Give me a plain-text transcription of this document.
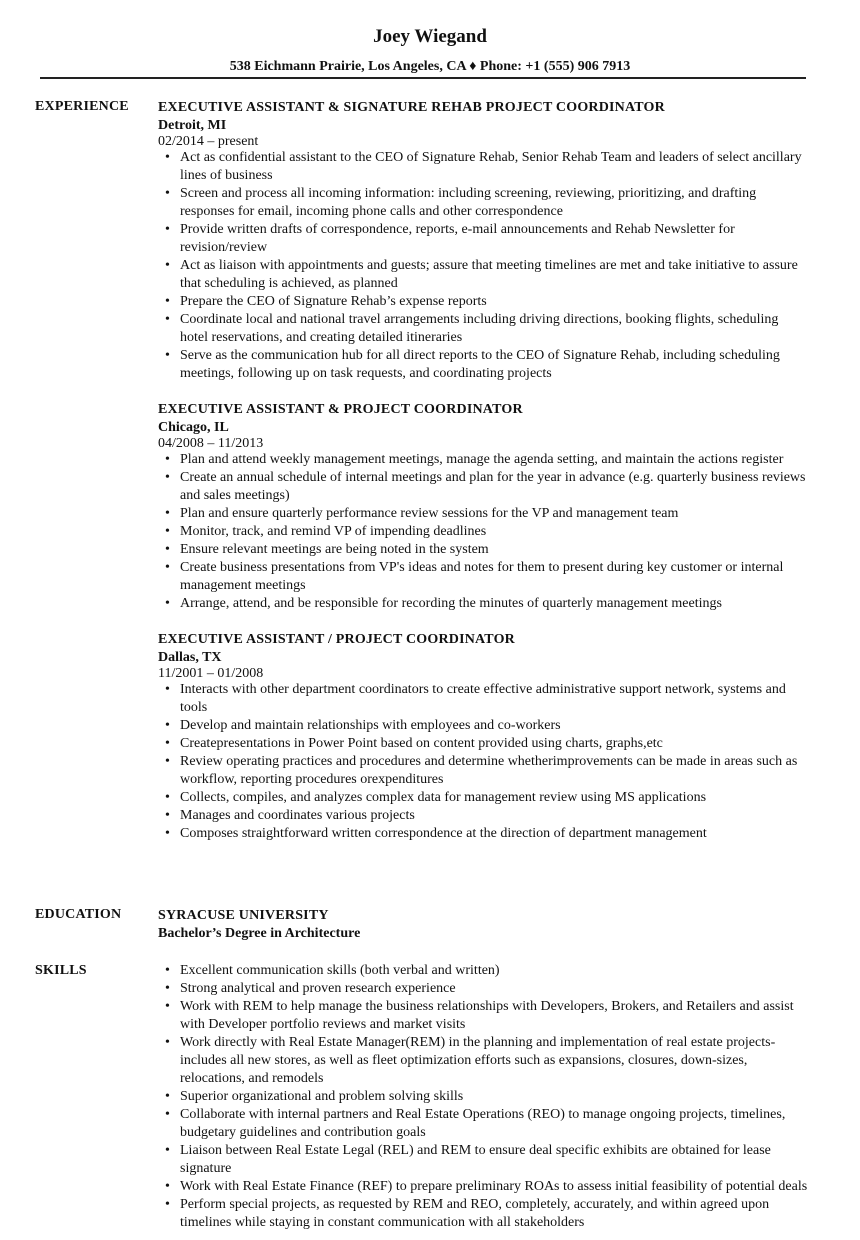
Joey Wiegand
538 Eichmann Prairie, Los Angeles, CA ♦ Phone: +1 (555) 906 7913
EXPERIENCE EXECUTIVE ASSISTANT & SIGNATURE REHAB PROJECT COORDINATOR
Detroit, MI
02/2014 – present
• Act as confidential assistant to the CEO of Signature Rehab, Senior Rehab Team and leaders of select ancillary lines of business
• Screen and process all incoming information: including screening, reviewing, prioritizing, and drafting responses for email, incoming phone calls and other correspondence
• Provide written drafts of correspondence, reports, e-mail announcements and Rehab Newsletter for revision/review
• Act as liaison with appointments and guests; assure that meeting timelines are met and take initiative to assure that scheduling is achieved, as planned
• Prepare the CEO of Signature Rehab’s expense reports
• Coordinate local and national travel arrangements including driving directions, booking flights, scheduling hotel reservations, and creating detailed itineraries
• Serve as the communication hub for all direct reports to the CEO of Signature Rehab, including scheduling meetings, following up on task requests, and coordinating projects
EXECUTIVE ASSISTANT & PROJECT COORDINATOR
Chicago, IL
04/2008 – 11/2013
• Plan and attend weekly management meetings, manage the agenda setting, and maintain the actions register
• Create an annual schedule of internal meetings and plan for the year in advance (e.g. quarterly business reviews and sales meetings)
• Plan and ensure quarterly performance review sessions for the VP and management team
• Monitor, track, and remind VP of impending deadlines
• Ensure relevant meetings are being noted in the system
• Create business presentations from VP's ideas and notes for them to present during key customer or internal management meetings
• Arrange, attend, and be responsible for recording the minutes of quarterly management meetings
EXECUTIVE ASSISTANT / PROJECT COORDINATOR
Dallas, TX
11/2001 – 01/2008
• Interacts with other department coordinators to create effective administrative support network, systems and tools
• Develop and maintain relationships with employees and co-workers
• Createpresentations in Power Point based on content provided using charts, graphs,etc
• Review operating practices and procedures and determine whetherimprovements can be made in areas such as workflow, reporting procedures orexpenditures
• Collects, compiles, and analyzes complex data for management review using MS applications
• Manages and coordinates various projects
• Composes straightforward written correspondence at the direction of department management
EDUCATION	SYRACUSE UNIVERSITY
Bachelor’s Degree in Architecture
SKILLS
•	Excellent communication skills (both verbal and written)
• Strong analytical and proven research experience
• Work with REM to help manage the business relationships with Developers, Brokers, and Retailers and assist with Developer portfolio reviews and market visits
• Work directly with Real Estate Manager(REM) in the planning and implementation of real estate projects- includes all new stores, as well as fleet optimization efforts such as expansions, closures, down-sizes, relocations, and remodels
• Superior organizational and problem solving skills
• Collaborate with internal partners and Real Estate Operations (REO) to manage ongoing projects, timelines, budgetary guidelines and contribution goals
• Liaison between Real Estate Legal (REL) and REM to ensure deal specific exhibits are obtained for lease signature
• Work with Real Estate Finance (REF) to prepare preliminary ROAs to assess initial feasibility of potential deals
• Perform special projects, as requested by REM and REO, completely, accurately, and within agreed upon timelines while staying in constant communication with all stakeholders
